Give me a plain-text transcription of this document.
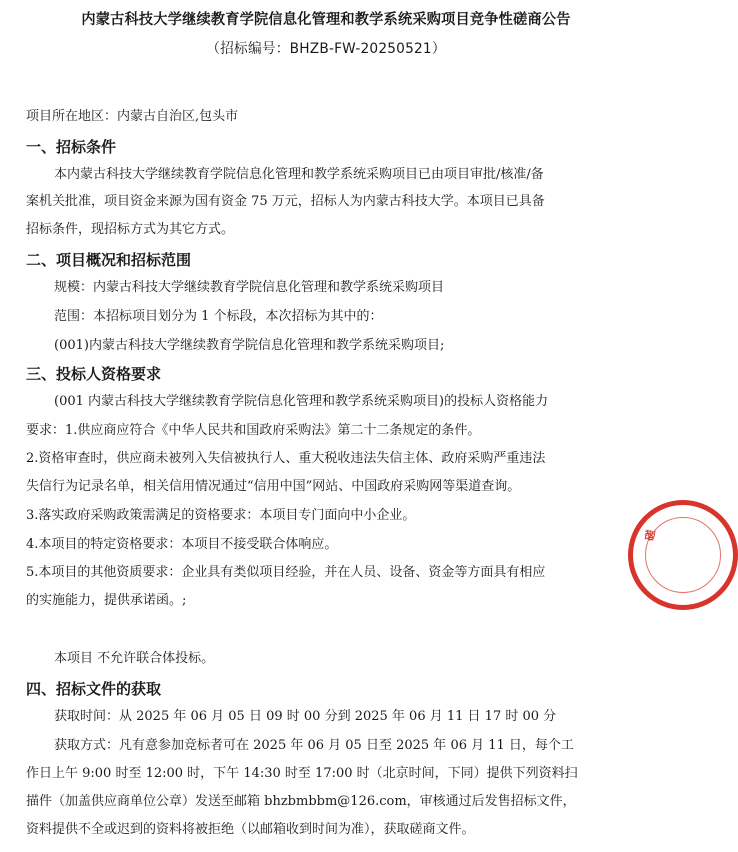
内蒙古科技大学继续教育学院信息化管理和教学系统采购项目竞争性磋商公告
（招标编号：BHZB-FW-20250521）
项目所在地区：内蒙古自治区,包头市
一、招标条件
本内蒙古科技大学继续教育学院信息化管理和教学系统采购项目已由项目审批/核准/备
案机关批准，项目资金来源为国有资金 75 万元，招标人为内蒙古科技大学。本项目已具备
招标条件，现招标方式为其它方式。
二、项目概况和招标范围
规模：内蒙古科技大学继续教育学院信息化管理和教学系统采购项目
范围：本招标项目划分为 1 个标段，本次招标为其中的：
(001)内蒙古科技大学继续教育学院信息化管理和教学系统采购项目;
三、投标人资格要求
(001 内蒙古科技大学继续教育学院信息化管理和教学系统采购项目)的投标人资格能力
要求：1.供应商应符合《中华人民共和国政府采购法》第二十二条规定的条件。
2.资格审查时，供应商未被列入失信被执行人、重大税收违法失信主体、政府采购严重违法
失信行为记录名单，相关信用情况通过“信用中国”网站、中国政府采购网等渠道查询。
3.落实政府采购政策需满足的资格要求：本项目专门面向中小企业。
4.本项目的特定资格要求：本项目不接受联合体响应。
5.本项目的其他资质要求：企业具有类似项目经验，并在人员、设备、资金等方面具有相应
的实施能力，提供承诺函。;
本项目 不允许联合体投标。
四、招标文件的获取
获取时间：从 2025 年 06 月 05 日 09 时 00 分到 2025 年 06 月 11 日 17 时 00 分
获取方式：凡有意参加竞标者可在 2025 年 06 月 05 日至 2025 年 06 月 11 日，每个工
作日上午 9:00 时至 12:00 时，下午 14:30 时至 17:00 时（北京时间，下同）提供下列资料扫
描件（加盖供应商单位公章）发送至邮箱 bhzbmbbm@126.com，审核通过后发售招标文件，
资料提供不全或迟到的资料将被拒绝（以邮箱收到时间为准），获取磋商文件。
磋
